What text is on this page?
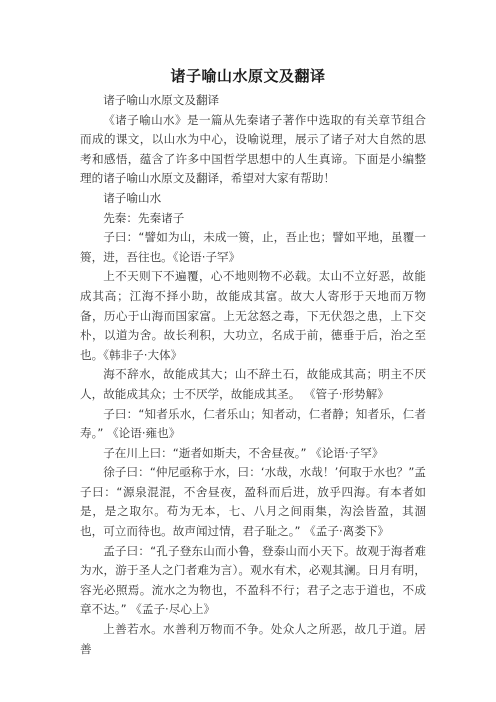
诸子喻山水原文及翻译

诸子喻山水原文及翻译

《诸子喻山水》是一篇从先秦诸子著作中选取的有关章节组合而成的课文，以山水为中心，设喻说理，展示了诸子对大自然的思考和感悟，蕴含了许多中国哲学思想中的人生真谛。下面是小编整理的诸子喻山水原文及翻译，希望对大家有帮助！

诸子喻山水

先秦：先秦诸子

子曰：“譬如为山，未成一篑，止，吾止也；譬如平地，虽覆一篑，进，吾往也。《论语·子罕》

上不天则下不遍覆，心不地则物不必载。太山不立好恶，故能成其高；江海不择小助，故能成其富。故大人寄形于天地而万物备，历心于山海而国家富。上无忿怒之毒，下无伏怨之患，上下交朴，以道为舍。故长利积，大功立，名成于前，德垂于后，治之至也。《韩非子·大体》

海不辞水，故能成其大；山不辞土石，故能成其高；明主不厌人，故能成其众；士不厌学，故能成其圣。 《管子·形势解》

子曰：“知者乐水，仁者乐山；知者动，仁者静；知者乐，仁者寿。” 《论语·雍也》

子在川上曰：“逝者如斯夫，不舍昼夜。” 《论语·子罕》

徐子曰：“仲尼亟称于水，曰：‘水哉，水哉！’何取于水也？”孟子曰：“源泉混混，不舍昼夜，盈科而后进，放乎四海。有本者如是，是之取尔。苟为无本，七、八月之间雨集，沟浍皆盈，其涸也，可立而待也。故声闻过情，君子耻之。” 《孟子·离娄下》

孟子曰：“孔子登东山而小鲁，登泰山而小天下。故观于海者难为水，游于圣人之门者难为言）。观水有术，必观其澜。日月有明，容光必照焉。流水之为物也，不盈科不行；君子之志于道也，不成章不达。” 《孟子·尽心上》

上善若水。水善利万物而不争。处众人之所恶，故几于道。居善
